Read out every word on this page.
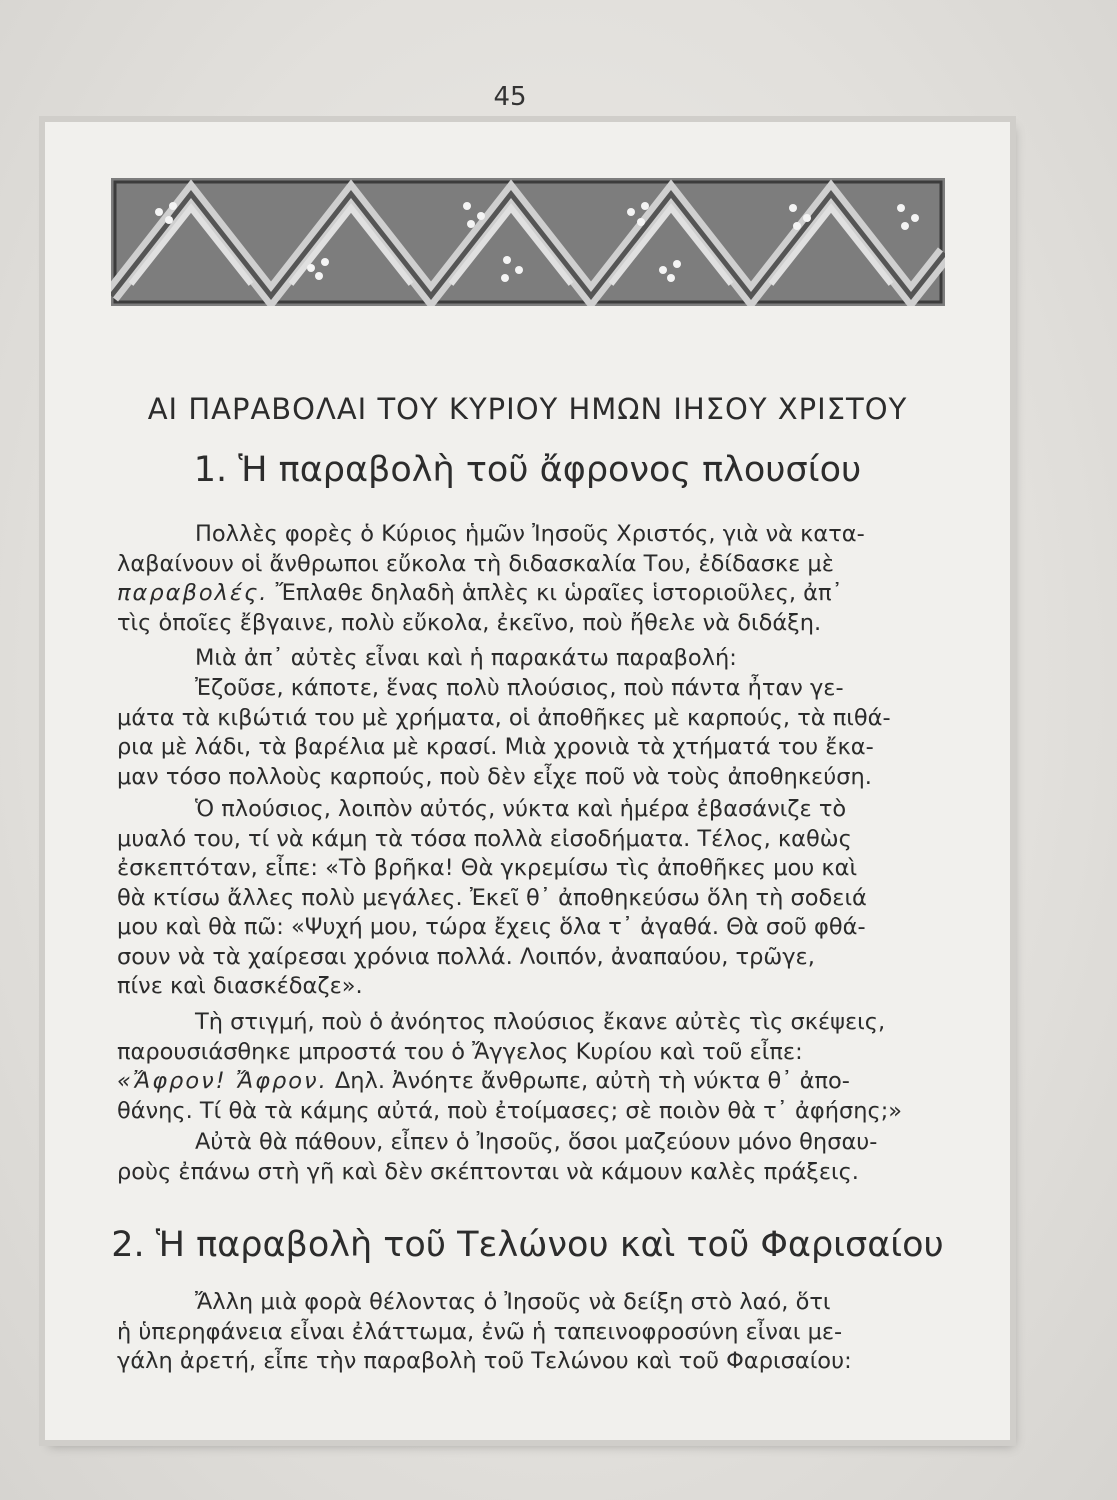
45
ΑΙ ΠΑΡΑΒΟΛΑΙ ΤΟΥ ΚΥΡΙΟΥ ΗΜΩΝ ΙΗΣΟΥ ΧΡΙΣΤΟΥ
1. Ἡ παραβολὴ τοῦ ἄφρονος πλουσίου
Πολλὲς φορὲς ὁ Κύριος ἡμῶν Ἰησοῦς Χριστός, γιὰ νὰ κατα-
λαβαίνουν οἱ ἄνθρωποι εὔκολα τὴ διδασκαλία Του, ἐδίδασκε μὲ
παραβολές. Ἔπλαθε δηλαδὴ ἁπλὲς κι ὡραῖες ἱστοριοῦλες, ἀπ᾽
τὶς ὁποῖες ἔβγαινε, πολὺ εὔκολα, ἐκεῖνο, ποὺ ἤθελε νὰ διδάξη.
Μιὰ ἀπ᾽ αὐτὲς εἶναι καὶ ἡ παρακάτω παραβολή:
Ἐζοῦσε, κάποτε, ἕνας πολὺ πλούσιος, ποὺ πάντα ἦταν γε-
μάτα τὰ κιβώτιά του μὲ χρήματα, οἱ ἀποθῆκες μὲ καρπούς, τὰ πιθά-
ρια μὲ λάδι, τὰ βαρέλια μὲ κρασί. Μιὰ χρονιὰ τὰ χτήματά του ἔκα-
μαν τόσο πολλοὺς καρπούς, ποὺ δὲν εἶχε ποῦ νὰ τοὺς ἀποθηκεύση.
Ὁ πλούσιος, λοιπὸν αὐτός, νύκτα καὶ ἡμέρα ἐβασάνιζε τὸ
μυαλό του, τί νὰ κάμη τὰ τόσα πολλὰ εἰσοδήματα. Τέλος, καθὼς
ἐσκεπτόταν, εἶπε: «Τὸ βρῆκα! Θὰ γκρεμίσω τὶς ἀποθῆκες μου καὶ
θὰ κτίσω ἄλλες πολὺ μεγάλες. Ἐκεῖ θ᾽ ἀποθηκεύσω ὅλη τὴ σοδειά
μου καὶ θὰ πῶ: «Ψυχή μου, τώρα ἔχεις ὅλα τ᾽ ἀγαθά. Θὰ σοῦ φθά-
σουν νὰ τὰ χαίρεσαι χρόνια πολλά. Λοιπόν, ἀναπαύου, τρῶγε,
πίνε καὶ διασκέδαζε».
Τὴ στιγμή, ποὺ ὁ ἀνόητος πλούσιος ἔκανε αὐτὲς τὶς σκέψεις,
παρουσιάσθηκε μπροστά του ὁ Ἄγγελος Κυρίου καὶ τοῦ εἶπε:
«Ἄφρον! Ἄφρον. Δηλ. Ἀνόητε ἄνθρωπε, αὐτὴ τὴ νύκτα θ᾽ ἀπο-
θάνης. Τί θὰ τὰ κάμης αὐτά, ποὺ ἐτοίμασες; σὲ ποιὸν θὰ τ᾽ ἀφήσης;»
Αὐτὰ θὰ πάθουν, εἶπεν ὁ Ἰησοῦς, ὅσοι μαζεύουν μόνο θησαυ-
ροὺς ἐπάνω στὴ γῆ καὶ δὲν σκέπτονται νὰ κάμουν καλὲς πράξεις.
2. Ἡ παραβολὴ τοῦ Τελώνου καὶ τοῦ Φαρισαίου
Ἄλλη μιὰ φορὰ θέλοντας ὁ Ἰησοῦς νὰ δείξη στὸ λαό, ὅτι
ἡ ὑπερηφάνεια εἶναι ἐλάττωμα, ἐνῶ ἡ ταπεινοφροσύνη εἶναι με-
γάλη ἀρετή, εἶπε τὴν παραβολὴ τοῦ Τελώνου καὶ τοῦ Φαρισαίου:
